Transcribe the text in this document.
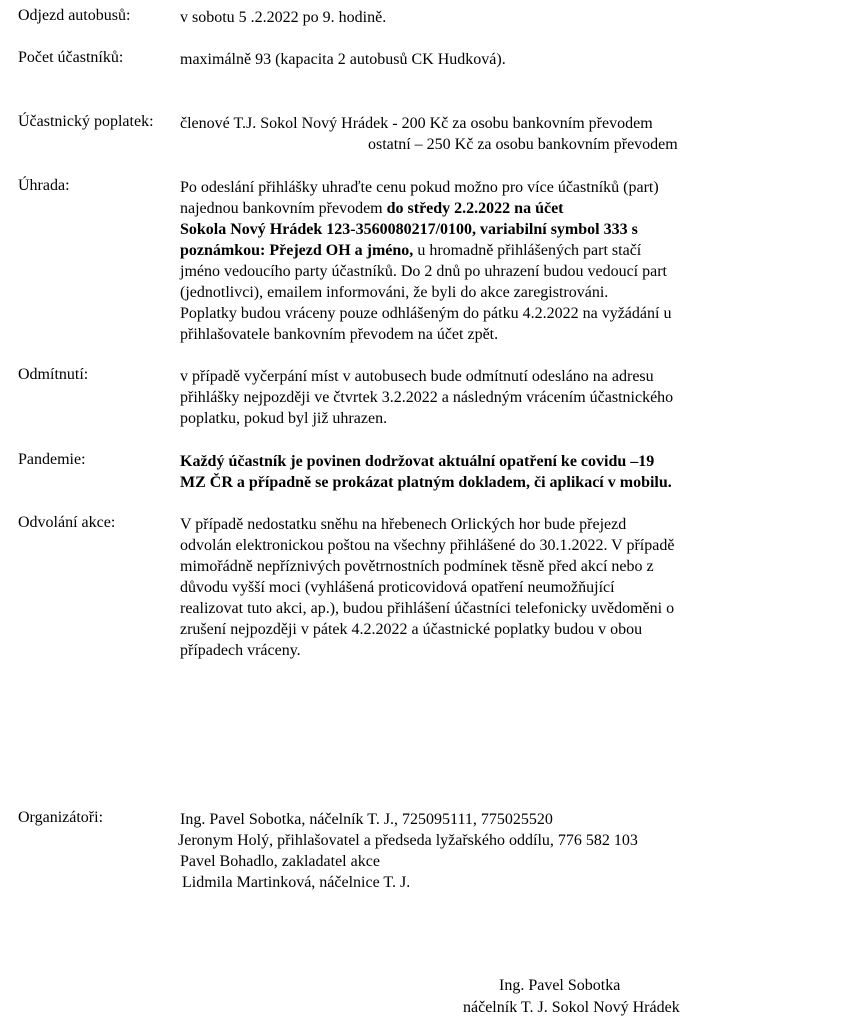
Odjezd autobusů:	v sobotu 5 .2.2022 po 9. hodině.
Počet účastníků:	maximálně 93 (kapacita 2 autobusů CK Hudková).
Účastnický poplatek: členové T.J. Sokol Nový Hrádek - 200 Kč za osobu bankovním převodem
ostatní – 250 Kč za osobu bankovním převodem
Úhrada:	Po odeslání přihlášky uhraďte cenu pokud možno pro více účastníků (part)
najednou bankovním převodem do středy 2.2.2022 na účet
Sokola Nový Hrádek 123-3560080217/0100, variabilní symbol 333 s
poznámkou: Přejezd OH a jméno, u hromadně přihlášených part stačí
jméno vedoucího party účastníků. Do 2 dnů po uhrazení budou vedoucí part
(jednotlivci), emailem informováni, že byli do akce zaregistrováni.
Poplatky budou vráceny pouze odhlášeným do pátku 4.2.2022 na vyžádání u
přihlašovatele bankovním převodem na účet zpět.
Odmítnutí:	v případě vyčerpání míst v autobusech bude odmítnutí odesláno na adresu
přihlášky nejpozději ve čtvrtek 3.2.2022 a následným vrácením účastnického
poplatku, pokud byl již uhrazen.
Pandemie:	Každý účastník je povinen dodržovat aktuální opatření ke covidu –19
MZ ČR a případně se prokázat platným dokladem, či aplikací v mobilu.
Odvolání akce:	V případě nedostatku sněhu na hřebenech Orlických hor bude přejezd
odvolán elektronickou poštou na všechny přihlášené do 30.1.2022. V případě
mimořádně nepříznivých povětrnostních podmínek těsně před akcí nebo z
důvodu vyšší moci (vyhlášená proticovidová opatření neumožňující
realizovat tuto akci, ap.), budou přihlášení účastníci telefonicky uvědoměni o
zrušení nejpozději v pátek 4.2.2022 a účastnické poplatky budou v obou
případech vráceny.
Organizátoři:	Ing. Pavel Sobotka, náčelník T. J., 725095111, 775025520
Jeronym Holý, přihlašovatel a předseda lyžařského oddílu, 776 582 103
Pavel Bohadlo, zakladatel akce
Lidmila Martinková, náčelnice T. J.
Ing. Pavel Sobotka
náčelník T. J. Sokol Nový Hrádek
